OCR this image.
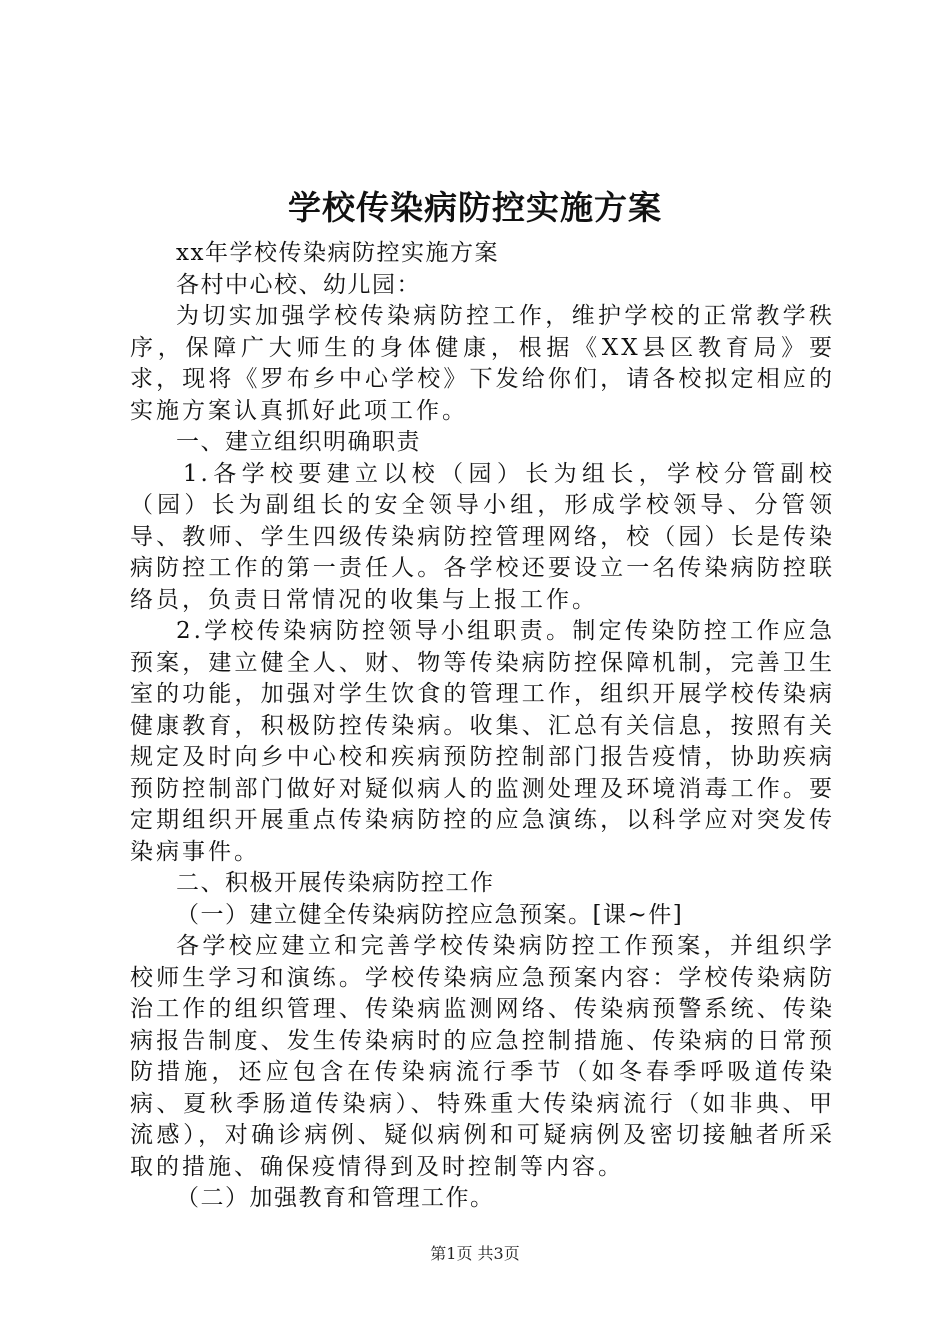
学校传染病防控实施方案

xx年学校传染病防控实施方案

各村中心校、幼儿园：

为切实加强学校传染病防控工作，维护学校的正常教学秩序，保障广大师生的身体健康，根据《XX县区教育局》要求，现将《罗布乡中心学校》下发给你们，请各校拟定相应的实施方案认真抓好此项工作。

一、建立组织明确职责

1.各学校要建立以校（园）长为组长，学校分管副校（园）长为副组长的安全领导小组，形成学校领导、分管领导、教师、学生四级传染病防控管理网络，校（园）长是传染病防控工作的第一责任人。各学校还要设立一名传染病防控联络员，负责日常情况的收集与上报工作。

2.学校传染病防控领导小组职责。制定传染防控工作应急预案，建立健全人、财、物等传染病防控保障机制，完善卫生室的功能，加强对学生饮食的管理工作，组织开展学校传染病健康教育，积极防控传染病。收集、汇总有关信息，按照有关规定及时向乡中心校和疾病预防控制部门报告疫情，协助疾病预防控制部门做好对疑似病人的监测处理及环境消毒工作。要定期组织开展重点传染病防控的应急演练，以科学应对突发传染病事件。

二、积极开展传染病防控工作

（一）建立健全传染病防控应急预案。[课~件]

各学校应建立和完善学校传染病防控工作预案，并组织学校师生学习和演练。学校传染病应急预案内容：学校传染病防治工作的组织管理、传染病监测网络、传染病预警系统、传染病报告制度、发生传染病时的应急控制措施、传染病的日常预防措施，还应包含在传染病流行季节（如冬春季呼吸道传染病、夏秋季肠道传染病）、特殊重大传染病流行（如非典、甲流感），对确诊病例、疑似病例和可疑病例及密切接触者所采取的措施、确保疫情得到及时控制等内容。

（二）加强教育和管理工作。

第1页 共3页
